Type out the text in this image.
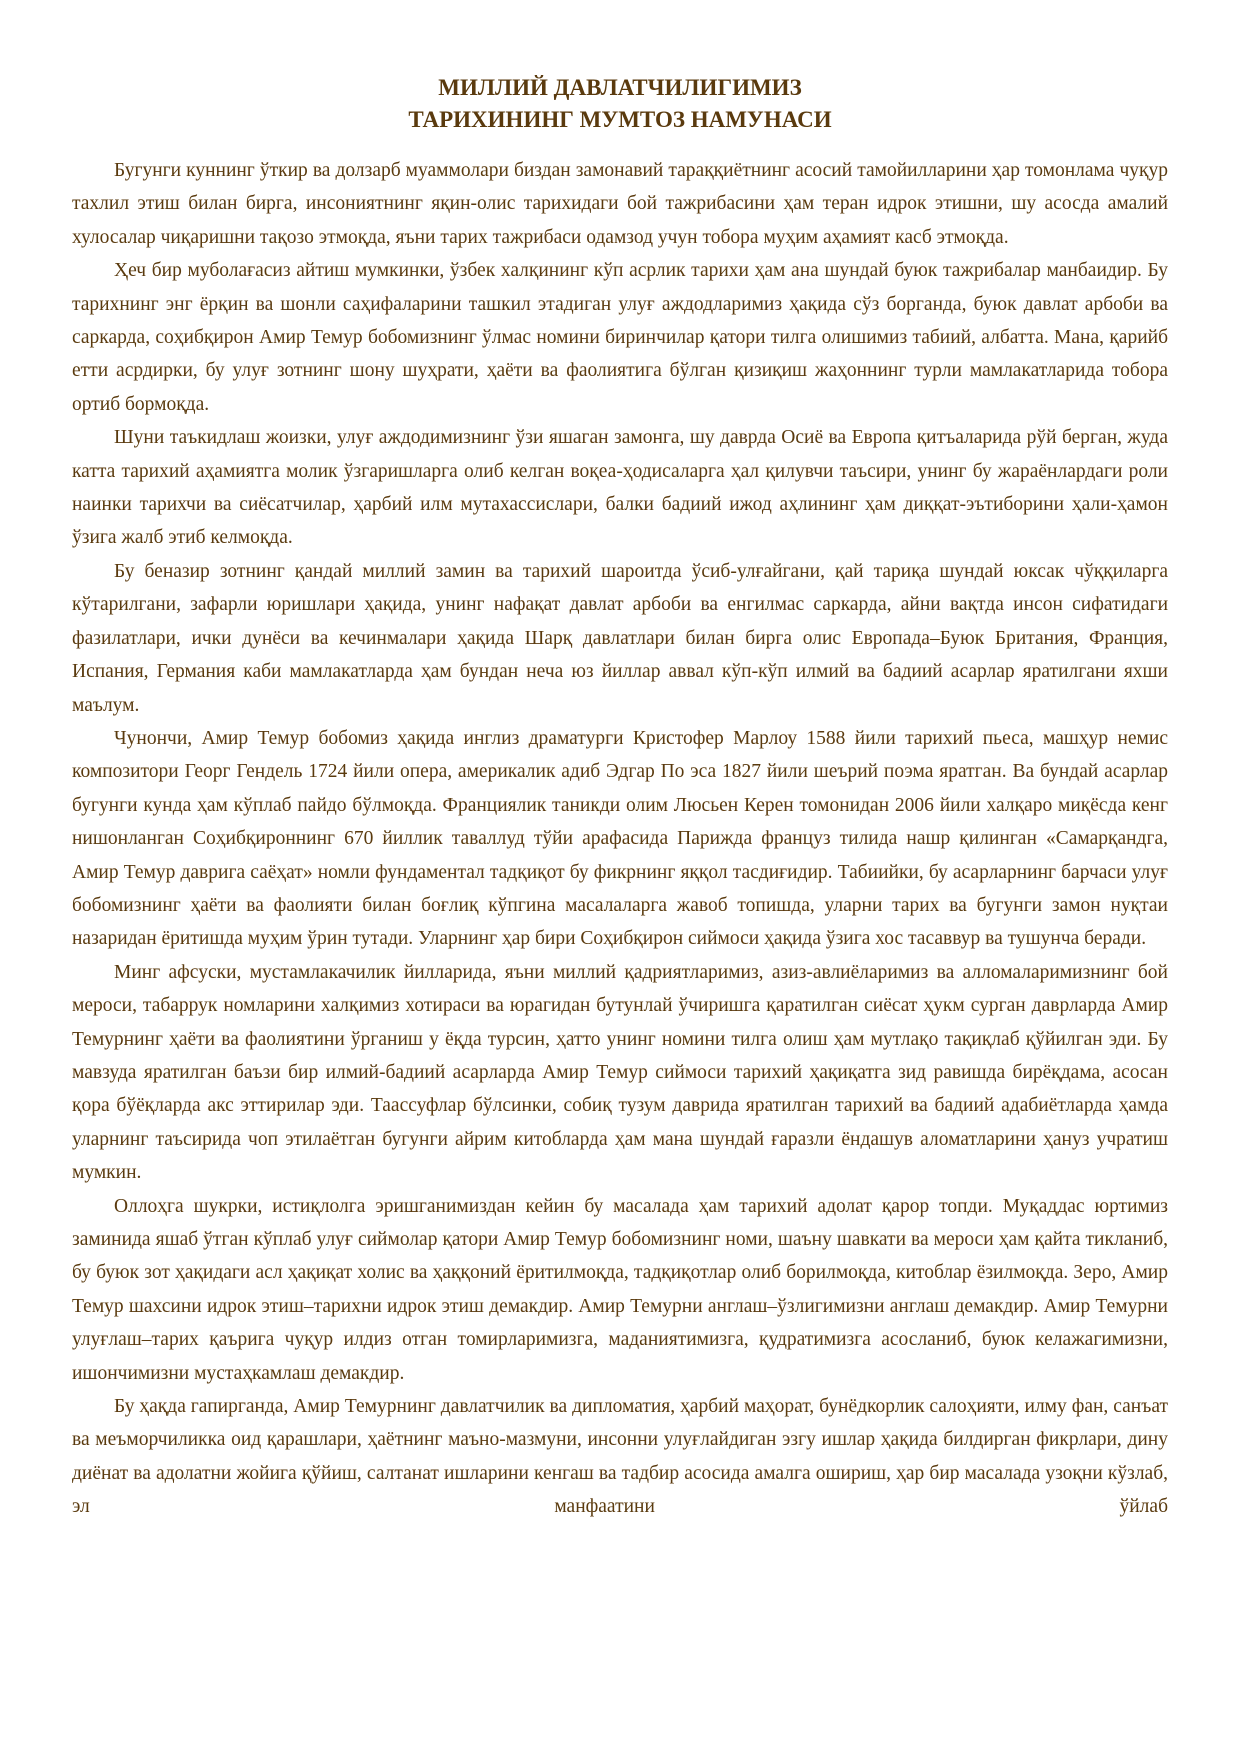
МИЛЛИЙ ДАВЛАТЧИЛИГИМИЗ
ТАРИХИНИНГ МУМТОЗ НАМУНАСИ

Бугунги куннинг ўткир ва долзарб муаммолари биздан замонавий тараққиётнинг асосий тамойилларини ҳар томонлама чуқур тахлил этиш билан бирга, инсониятнинг яқин-олис тарихидаги бой тажрибасини ҳам теран идрок этишни, шу асосда амалий хулосалар чиқаришни тақозо этмоқда, яъни тарих тажрибаси одамзод учун тобора муҳим аҳамият касб этмоқда.

Ҳеч бир муболағасиз айтиш мумкинки, ўзбек халқининг кўп асрлик тарихи ҳам ана шундай буюк тажрибалар манбаидир. Бу тарихнинг энг ёрқин ва шонли саҳифаларини ташкил этадиган улуғ аждодларимиз ҳақида сўз борганда, буюк давлат арбоби ва саркарда, соҳибқирон Амир Темур бобомизнинг ўлмас номини биринчилар қатори тилга олишимиз табиий, албатта. Мана, қарийб етти асрдирки, бу улуғ зотнинг шону шуҳрати, ҳаёти ва фаолиятига бўлган қизиқиш жаҳоннинг турли мамлакатларида тобора ортиб бормоқда.

Шуни таъкидлаш жоизки, улуғ аждодимизнинг ўзи яшаган замонга, шу даврда Осиё ва Европа қитъаларида рўй берган, жуда катта тарихий аҳамиятга молик ўзгаришларга олиб келган воқеа-ҳодисаларга ҳал қилувчи таъсири, унинг бу жараёнлардаги роли наинки тарихчи ва сиёсатчилар, ҳарбий илм мутахассислари, балки бадиий ижод аҳлининг ҳам диққат-эътиборини ҳали-ҳамон ўзига жалб этиб келмоқда.

Бу беназир зотнинг қандай миллий замин ва тарихий шароитда ўсиб-улғайгани, қай тариқа шундай юксак чўққиларга кўтарилгани, зафарли юришлари ҳақида, унинг нафақат давлат арбоби ва енгилмас саркарда, айни вақтда инсон сифатидаги фазилатлари, ички дунёси ва кечинмалари ҳақида Шарқ давлатлари билан бирга олис Европада–Буюк Британия, Франция, Испания, Германия каби мамлакатларда ҳам бундан неча юз йиллар аввал кўп-кўп илмий ва бадиий асарлар яратилгани яхши маълум.

Чунончи, Амир Темур бобомиз ҳақида инглиз драматурги Кристофер Марлоу 1588 йили тарихий пьеса, машҳур немис композитори Георг Гендель 1724 йили опера, америкалик адиб Эдгар По эса 1827 йили шеърий поэма яратган. Ва бундай асарлар бугунги кунда ҳам кўплаб пайдо бўлмоқда. Франциялик таникди олим Люсьен Керен томонидан 2006 йили халқаро миқёсда кенг нишонланган Соҳибқироннинг 670 йиллик таваллуд тўйи арафасида Парижда француз тилида нашр қилинган «Самарқандга, Амир Темур даврига саёҳат» номли фундаментал тадқиқот бу фикрнинг яққол тасдиғидир. Табиийки, бу асарларнинг барчаси улуғ бобомизнинг ҳаёти ва фаолияти билан боғлиқ кўпгина масалаларга жавоб топишда, уларни тарих ва бугунги замон нуқтаи назаридан ёритишда муҳим ўрин тутади. Уларнинг ҳар бири Соҳибқирон сиймоси ҳақида ўзига хос тасаввур ва тушунча беради.

Минг афсуски, мустамлакачилик йилларида, яъни миллий қадриятларимиз, азиз-авлиёларимиз ва алломаларимизнинг бой мероси, табаррук номларини халқимиз хотираси ва юрагидан бутунлай ўчиришга қаратилган сиёсат ҳукм сурган даврларда Амир Темурнинг ҳаёти ва фаолиятини ўрганиш у ёқда турсин, ҳатто унинг номини тилга олиш ҳам мутлақо тақиқлаб қўйилган эди. Бу мавзуда яратилган баъзи бир илмий-бадиий асарларда Амир Темур сиймоси тарихий ҳақиқатга зид равишда бирёқдама, асосан қора бўёқларда акс эттирилар эди. Таассуфлар бўлсинки, собиқ тузум даврида яратилган тарихий ва бадиий адабиётларда ҳамда уларнинг таъсирида чоп этилаётган бугунги айрим китобларда ҳам мана шундай ғаразли ёндашув аломатларини ҳануз учратиш мумкин.

Оллоҳга шукрки, истиқлолга эришганимиздан кейин бу масалада ҳам тарихий адолат қарор топди. Муқаддас юртимиз заминида яшаб ўтган кўплаб улуғ сиймолар қатори Амир Темур бобомизнинг номи, шаъну шавкати ва мероси ҳам қайта тикланиб, бу буюк зот ҳақидаги асл ҳақиқат холис ва ҳаққоний ёритилмоқда, тадқиқотлар олиб борилмоқда, китоблар ёзилмоқда. Зеро, Амир Темур шахсини идрок этиш–тарихни идрок этиш демакдир. Амир Темурни англаш–ўзлигимизни англаш демакдир. Амир Темурни улуғлаш–тарих қаърига чуқур илдиз отган томирларимизга, маданиятимизга, қудратимизга асосланиб, буюк келажагимизни, ишончимизни мустаҳкамлаш демакдир.

Бу ҳақда гапирганда, Амир Темурнинг давлатчилик ва дипломатия, ҳарбий маҳорат, бунёдкорлик салоҳияти, илму фан, санъат ва меъморчиликка оид қарашлари, ҳаётнинг маъно-мазмуни, инсонни улуғлайдиган эзгу ишлар ҳақида билдирган фикрлари, дину диёнат ва адолатни жойига қўйиш, салтанат ишларини кенгаш ва тадбир асосида амалга ошириш, ҳар бир масалада узоқни кўзлаб, эл манфаатини ўйлаб
